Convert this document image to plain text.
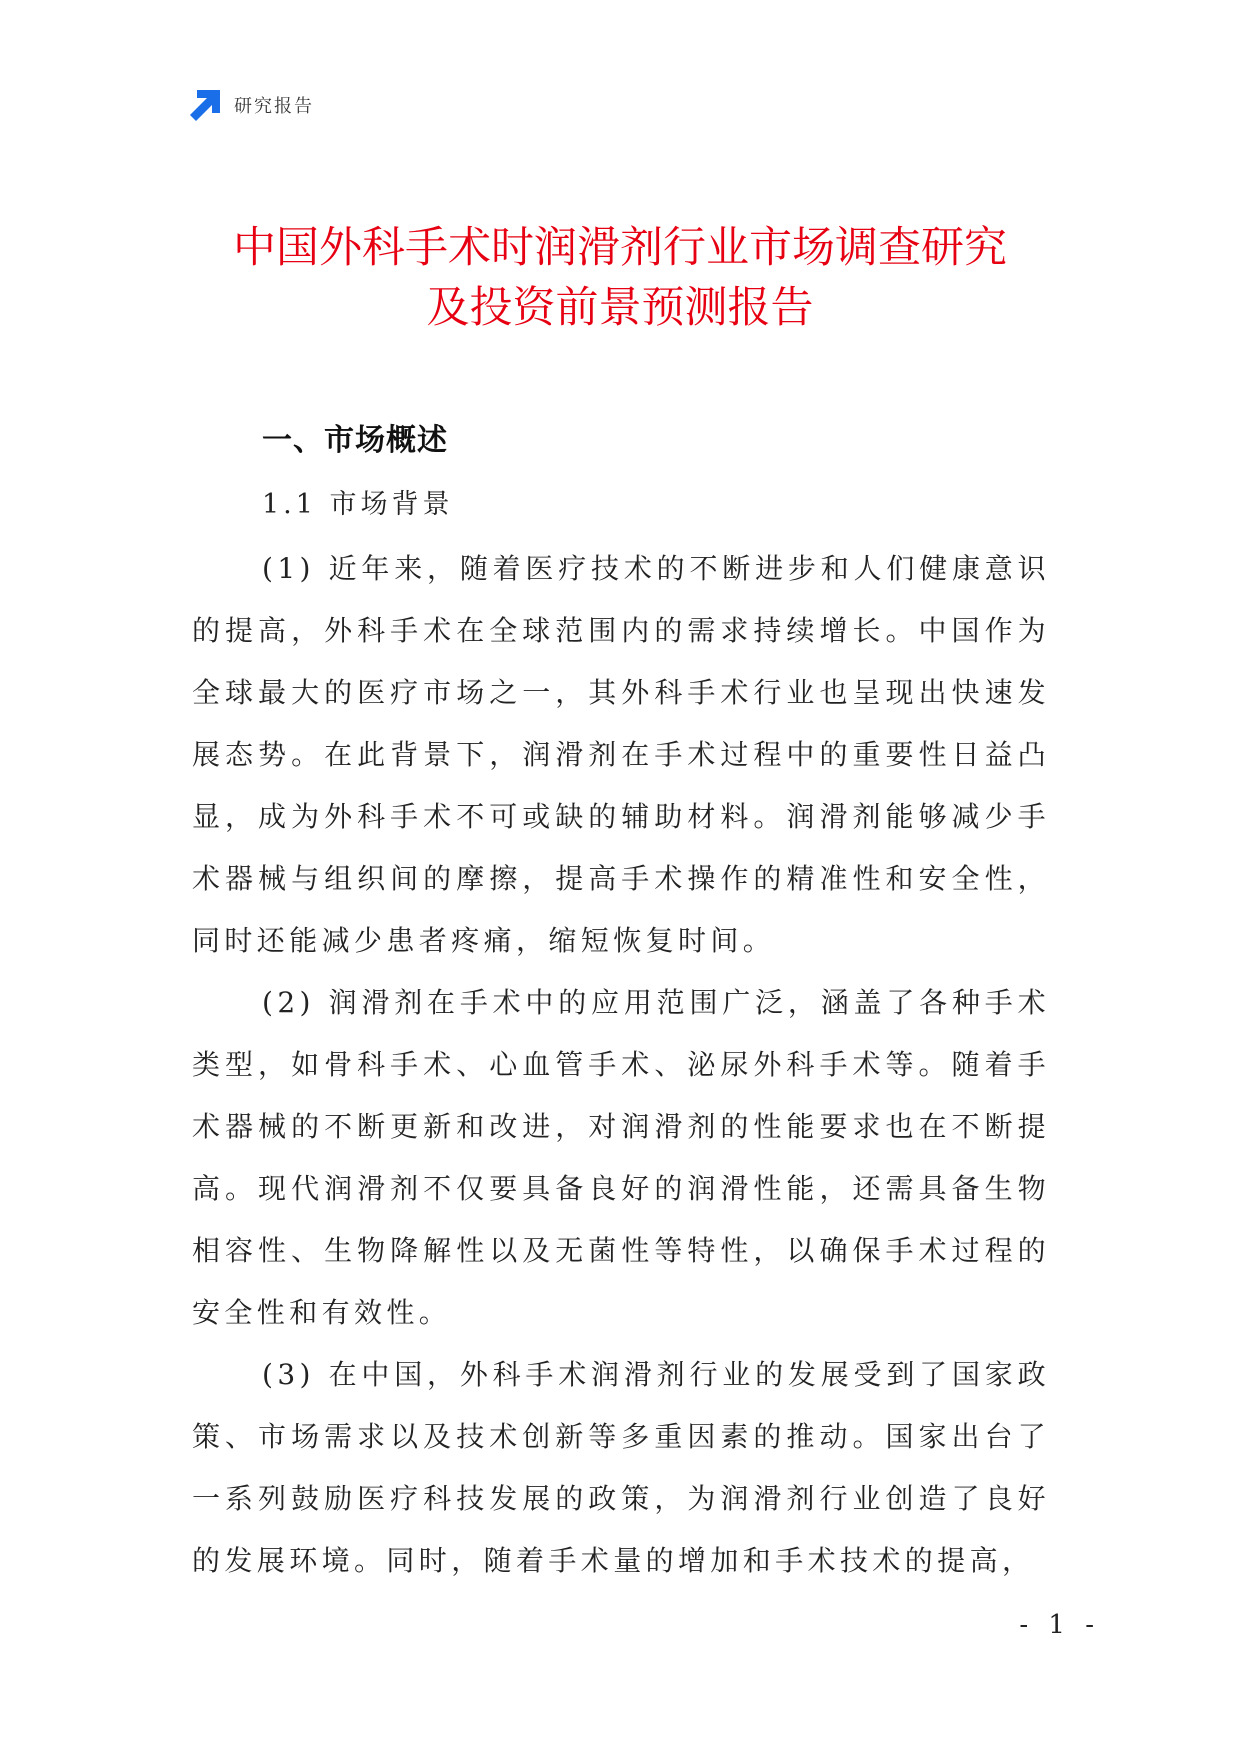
研究报告
中国外科手术时润滑剂行业市场调查研究
及投资前景预测报告
一、市场概述
1.1 市场背景

(1) 近年来，随着医疗技术的不断进步和人们健康意识的提高，外科手术在全球范围内的需求持续增长。中国作为全球最大的医疗市场之一，其外科手术行业也呈现出快速发展态势。在此背景下，润滑剂在手术过程中的重要性日益凸显，成为外科手术不可或缺的辅助材料。润滑剂能够减少手术器械与组织间的摩擦，提高手术操作的精准性和安全性，同时还能减少患者疼痛，缩短恢复时间。

(2) 润滑剂在手术中的应用范围广泛，涵盖了各种手术类型，如骨科手术、心血管手术、泌尿外科手术等。随着手术器械的不断更新和改进，对润滑剂的性能要求也在不断提高。现代润滑剂不仅要具备良好的润滑性能，还需具备生物相容性、生物降解性以及无菌性等特性，以确保手术过程的安全性和有效性。

(3) 在中国，外科手术润滑剂行业的发展受到了国家政策、市场需求以及技术创新等多重因素的推动。国家出台了一系列鼓励医疗科技发展的政策，为润滑剂行业创造了良好的发展环境。同时，随着手术量的增加和手术技术的提高，

- 1 -
